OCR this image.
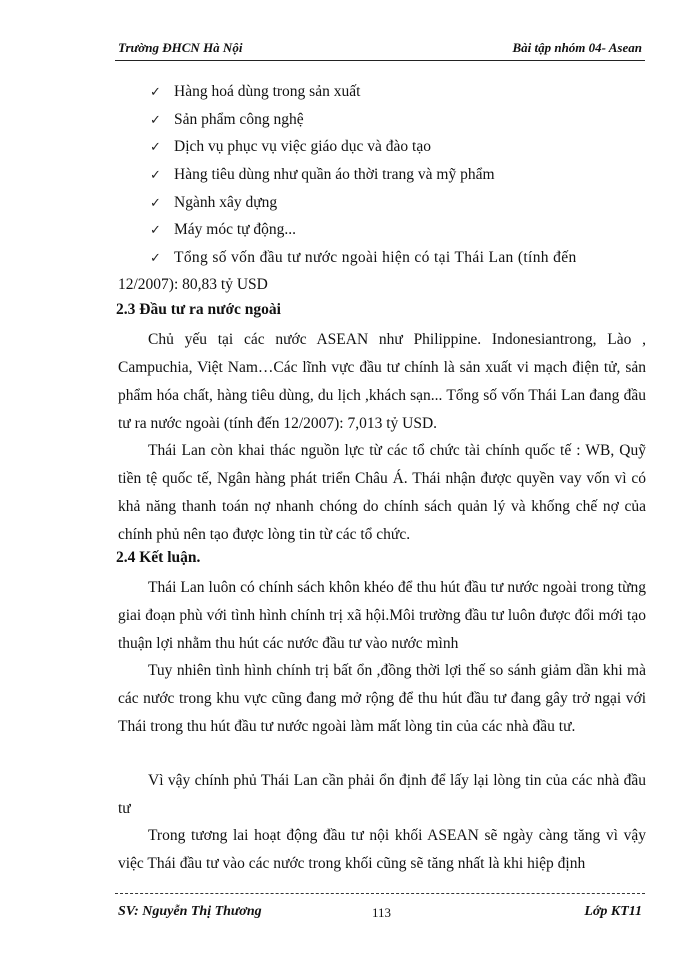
Trường ĐHCN Hà Nội	Bài tập nhóm 04- Asean
✓ Hàng hoá dùng trong sản xuất
✓ Sản phẩm công nghệ
✓ Dịch vụ phục vụ việc giáo dục và đào tạo
✓ Hàng tiêu dùng như quần áo thời trang và mỹ phẩm
✓ Ngành xây dựng
✓ Máy móc tự động...
✓ Tổng số vốn đầu tư nước ngoài hiện có tại Thái Lan (tính đến
12/2007): 80,83 tỷ USD
2.3 Đầu tư ra nước ngoài
Chủ yếu tại các nước ASEAN như Philippine. Indonesiantrong, Lào , Campuchia, Việt Nam…Các lĩnh vực đầu tư chính là sản xuất vi mạch điện tử, sản phẩm hóa chất, hàng tiêu dùng, du lịch ,khách sạn... Tổng số vốn Thái Lan đang đầu tư ra nước ngoài (tính đến 12/2007): 7,013 tỷ USD.
Thái Lan còn khai thác nguồn lực từ các tổ chức tài chính quốc tế : WB, Quỹ tiền tệ quốc tế, Ngân hàng phát triển Châu Á. Thái nhận được quyền vay vốn vì có khả năng thanh toán nợ nhanh chóng do chính sách quản lý và khống chế nợ của chính phủ nên tạo được lòng tin từ các tổ chức.
2.4 Kết luận.
Thái Lan luôn có chính sách khôn khéo để thu hút đầu tư nước ngoài trong từng giai đoạn phù với tình hình chính trị xã hội.Môi trường đầu tư luôn được đổi mới tạo thuận lợi nhằm thu hút các nước đầu tư vào nước mình
Tuy nhiên tình hình chính trị bất ổn ,đồng thời lợi thế so sánh giảm dần khi mà các nước trong khu vực cũng đang mở rộng để thu hút đầu tư đang gây trở ngại với Thái trong thu hút đầu tư nước ngoài làm mất lòng tin của các nhà đầu tư.
Vì vậy chính phủ Thái Lan cần phải ổn định để lấy lại lòng tin của các nhà đầu tư
Trong tương lai hoạt động đầu tư nội khối ASEAN sẽ ngày càng tăng vì vậy việc Thái đầu tư vào các nước trong khối cũng sẽ tăng nhất là khi hiệp định
SV: Nguyễn Thị Thương	113	Lớp KT11
